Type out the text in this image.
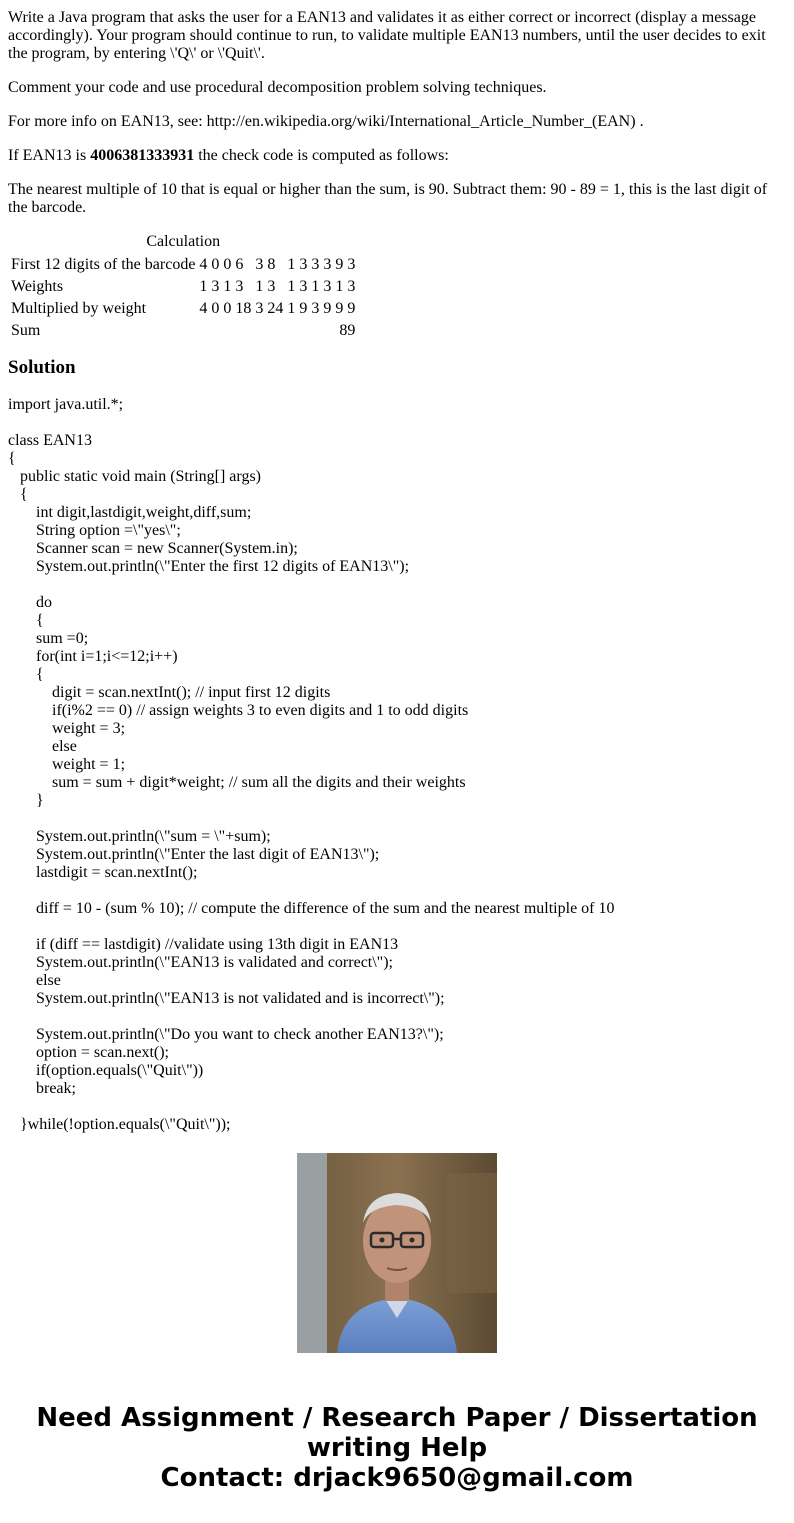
Write a Java program that asks the user for a EAN13 and validates it as either correct or incorrect (display a message accordingly). Your program should continue to run, to validate multiple EAN13 numbers, until the user decides to exit the program, by entering \'Q\' or \'Quit\'.

Comment your code and use procedural decomposition problem solving techniques.

For more info on EAN13, see: http://en.wikipedia.org/wiki/International_Article_Number_(EAN) .

If EAN13 is 4006381333931 the check code is computed as follows:

The nearest multiple of 10 that is equal or higher than the sum, is 90. Subtract them: 90 - 89 = 1, this is the last digit of the barcode.

Calculation
First 12 digits of the barcode	4 0 0 6   3 8   1 3 3 3 9 3
Weights	1 3 1 3   1 3   1 3 1 3 1 3
Multiplied by weight	4 0 0 18 3 24 1 9 3 9 9 9
Sum	89
Solution
import java.util.*;
class EAN13
{
public static void main (String[] args)
{
int digit,lastdigit,weight,diff,sum;
String option =\"yes\";
Scanner scan = new Scanner(System.in);
System.out.println(\"Enter the first 12 digits of EAN13\");
do
{
sum =0;
for(int i=1;i<=12;i++)
{
digit = scan.nextInt(); // input first 12 digits
if(i%2 == 0) // assign weights 3 to even digits and 1 to odd digits
weight = 3;
else
weight = 1;
sum = sum + digit*weight; // sum all the digits and their weights
}
System.out.println(\"sum = \"+sum);
System.out.println(\"Enter the last digit of EAN13\");
lastdigit = scan.nextInt();
diff = 10 - (sum % 10); // compute the difference of the sum and the nearest multiple of 10
if (diff == lastdigit) //validate using 13th digit in EAN13
System.out.println(\"EAN13 is validated and correct\");
else
System.out.println(\"EAN13 is not validated and is incorrect\");
System.out.println(\"Do you want to check another EAN13?\");
option = scan.next();
if(option.equals(\"Quit\"))
break;
}while(!option.equals(\"Quit\"));
Need Assignment / Research Paper / Dissertation
writing Help
Contact: drjack9650@gmail.com
